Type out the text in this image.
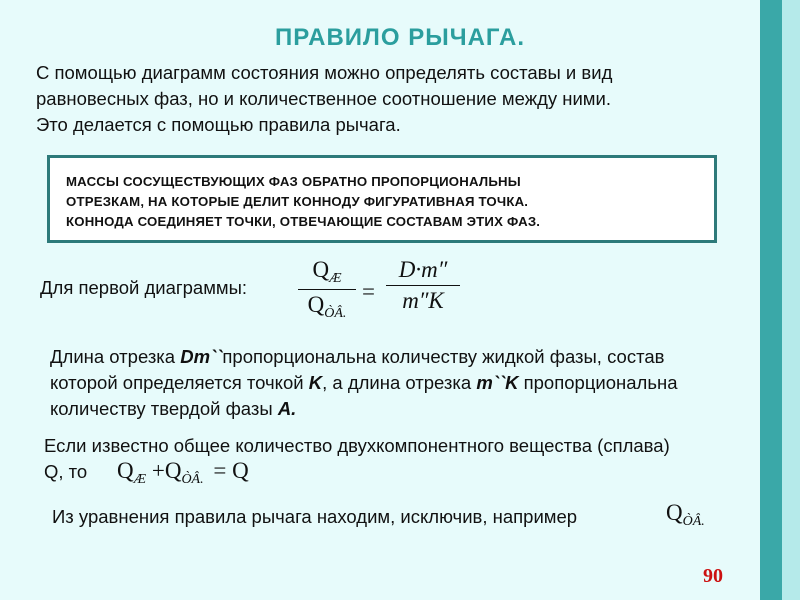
ПРАВИЛО РЫЧАГА.
С помощью диаграмм состояния можно определять составы и вид
равновесных фаз, но и количественное соотношение между ними.
Это делается с помощью правила рычага.
МАССЫ СОСУЩЕСТВУЮЩИХ ФАЗ ОБРАТНО ПРОПОРЦИОНАЛЬНЫ
ОТРЕЗКАМ, НА КОТОРЫЕ ДЕЛИТ КОННОДУ ФИГУРАТИВНАЯ ТОЧКА.
КОННОДА СОЕДИНЯЕТ ТОЧКИ, ОТВЕЧАЮЩИЕ СОСТАВАМ ЭТИХ ФАЗ.
Для первой диаграммы:
$Q_Æ$
$Q_{ÒÂ.}$
=
D·m″
m″K
Длина отрезка Dm``пропорциональна количеству жидкой фазы, состав
которой определяется точкой K, а длина отрезка m``K пропорциональна
количеству твердой фазы A.
Если известно общее количество двухкомпонентного вещества (сплава)
Q, то	$Q_Æ +Q_{ÒÂ.} = Q$
Из уравнения правила рычага находим, исключив, например	$Q_{ÒÂ.}$
90
